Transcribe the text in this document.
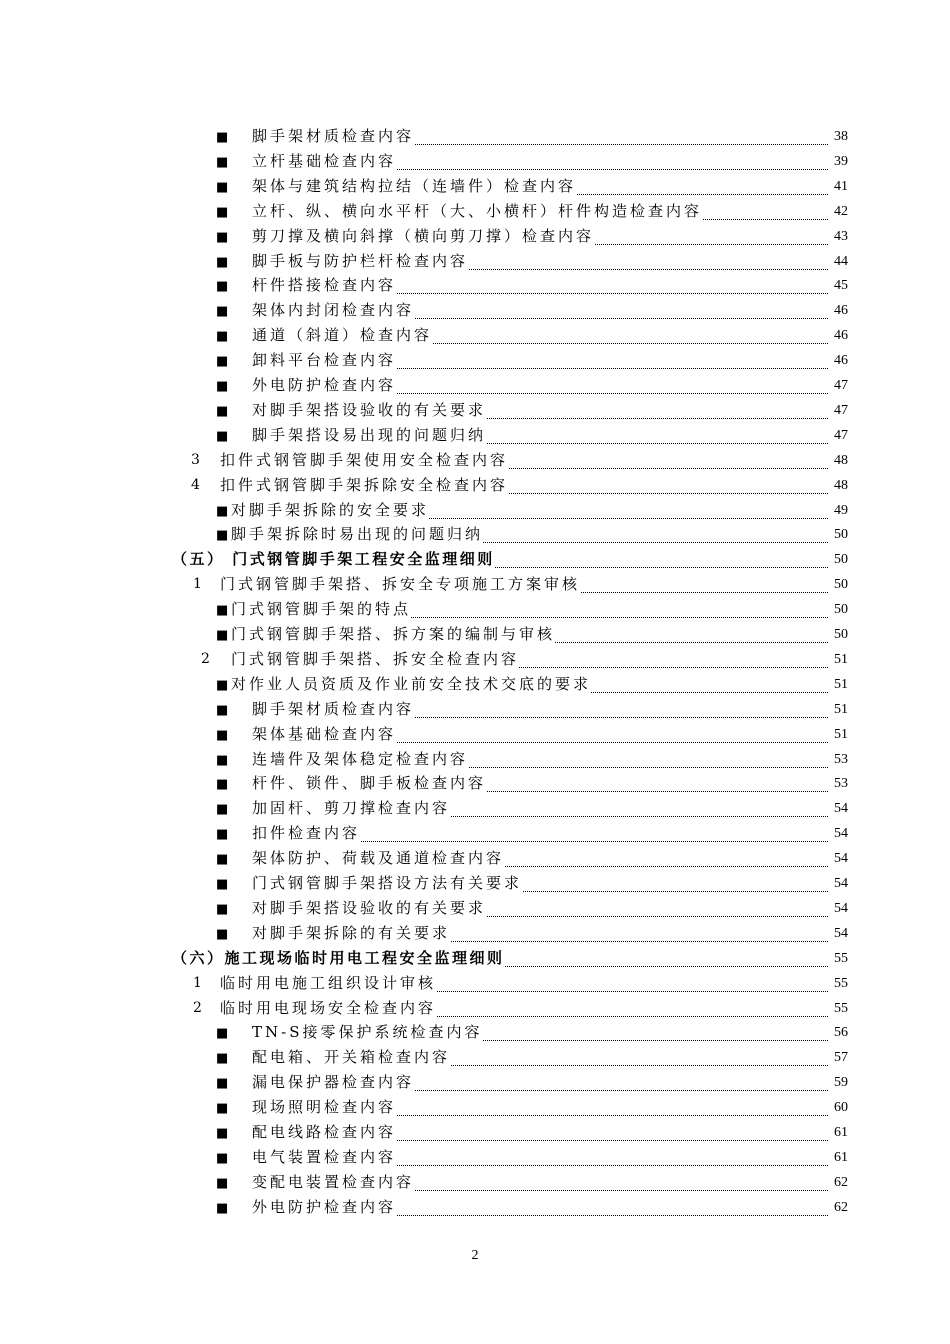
■ 脚手架材质检查内容	38
■ 立杆基础检查内容	39
■ 架体与建筑结构拉结（连墙件）检查内容	41
■ 立杆、纵、横向水平杆（大、小横杆）杆件构造检查内容	42
■ 剪刀撑及横向斜撑（横向剪刀撑）检查内容	43
■ 脚手板与防护栏杆检查内容	44
■ 杆件搭接检查内容	45
■ 架体内封闭检查内容	46
■ 通道（斜道）检查内容	46
■ 卸料平台检查内容	46
■ 外电防护检查内容	47
■ 对脚手架搭设验收的有关要求	47
■ 脚手架搭设易出现的问题归纳	47
3 扣件式钢管脚手架使用安全检查内容	48
4 扣件式钢管脚手架拆除安全检查内容	48
■ 对脚手架拆除的安全要求	49
■ 脚手架拆除时易出现的问题归纳	50
（五） 门式钢管脚手架工程安全监理细则	50
1 门式钢管脚手架搭、拆安全专项施工方案审核	50
■ 门式钢管脚手架的特点	50
■ 门式钢管脚手架搭、拆方案的编制与审核	50
2 门式钢管脚手架搭、拆安全检查内容	51
■ 对作业人员资质及作业前安全技术交底的要求	51
■ 脚手架材质检查内容	51
■ 架体基础检查内容	51
■ 连墙件及架体稳定检查内容	53
■ 杆件、锁件、脚手板检查内容	53
■ 加固杆、剪刀撑检查内容	54
■ 扣件检查内容	54
■ 架体防护、荷载及通道检查内容	54
■ 门式钢管脚手架搭设方法有关要求	54
■ 对脚手架搭设验收的有关要求	54
■ 对脚手架拆除的有关要求	54
（六）施工现场临时用电工程安全监理细则	55
1 临时用电施工组织设计审核	55
2 临时用电现场安全检查内容	55
■ TN-S接零保护系统检查内容	56
■ 配电箱、开关箱检查内容	57
■ 漏电保护器检查内容	59
■ 现场照明检查内容	60
■ 配电线路检查内容	61
■ 电气装置检查内容	61
■ 变配电装置检查内容	62
■ 外电防护检查内容	62
2
